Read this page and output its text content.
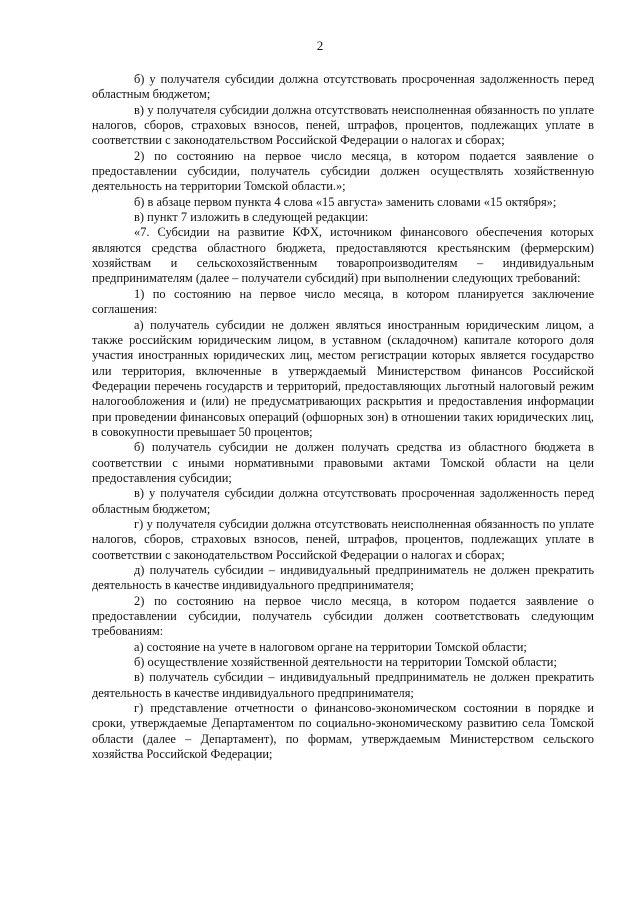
2

б) у получателя субсидии должна отсутствовать просроченная задолженность перед областным бюджетом;

в) у получателя субсидии должна отсутствовать неисполненная обязанность по уплате налогов, сборов, страховых взносов, пеней, штрафов, процентов, подлежащих уплате в соответствии с законодательством Российской Федерации о налогах и сборах;

2) по состоянию на первое число месяца, в котором подается заявление о предоставлении субсидии, получатель субсидии должен осуществлять хозяйственную деятельность на территории Томской области.»;

б) в абзаце первом пункта 4 слова «15 августа» заменить словами «15 октября»;

в) пункт 7 изложить в следующей редакции:

«7. Субсидии на развитие КФХ, источником финансового обеспечения которых являются средства областного бюджета, предоставляются крестьянским (фермерским) хозяйствам и сельскохозяйственным товаропроизводителям – индивидуальным предпринимателям (далее – получатели субсидий) при выполнении следующих требований:

1) по состоянию на первое число месяца, в котором планируется заключение соглашения:

а) получатель субсидии не должен являться иностранным юридическим лицом, а также российским юридическим лицом, в уставном (складочном) капитале которого доля участия иностранных юридических лиц, местом регистрации которых является государство или территория, включенные в утверждаемый Министерством финансов Российской Федерации перечень государств и территорий, предоставляющих льготный налоговый режим налогообложения и (или) не предусматривающих раскрытия и предоставления информации при проведении финансовых операций (офшорных зон) в отношении таких юридических лиц, в совокупности превышает 50 процентов;

б) получатель субсидии не должен получать средства из областного бюджета в соответствии с иными нормативными правовыми актами Томской области на цели предоставления субсидии;

в) у получателя субсидии должна отсутствовать просроченная задолженность перед областным бюджетом;

г) у получателя субсидии должна отсутствовать неисполненная обязанность по уплате налогов, сборов, страховых взносов, пеней, штрафов, процентов, подлежащих уплате в соответствии с законодательством Российской Федерации о налогах и сборах;

д) получатель субсидии – индивидуальный предприниматель не должен прекратить деятельность в качестве индивидуального предпринимателя;

2) по состоянию на первое число месяца, в котором подается заявление о предоставлении субсидии, получатель субсидии должен соответствовать следующим требованиям:

а) состояние на учете в налоговом органе на территории Томской области;

б) осуществление хозяйственной деятельности на территории Томской области;

в) получатель субсидии – индивидуальный предприниматель не должен прекратить деятельность в качестве индивидуального предпринимателя;

г) представление отчетности о финансово-экономическом состоянии в порядке и сроки, утверждаемые Департаментом по социально-экономическому развитию села Томской области (далее – Департамент), по формам, утверждаемым Министерством сельского хозяйства Российской Федерации;
